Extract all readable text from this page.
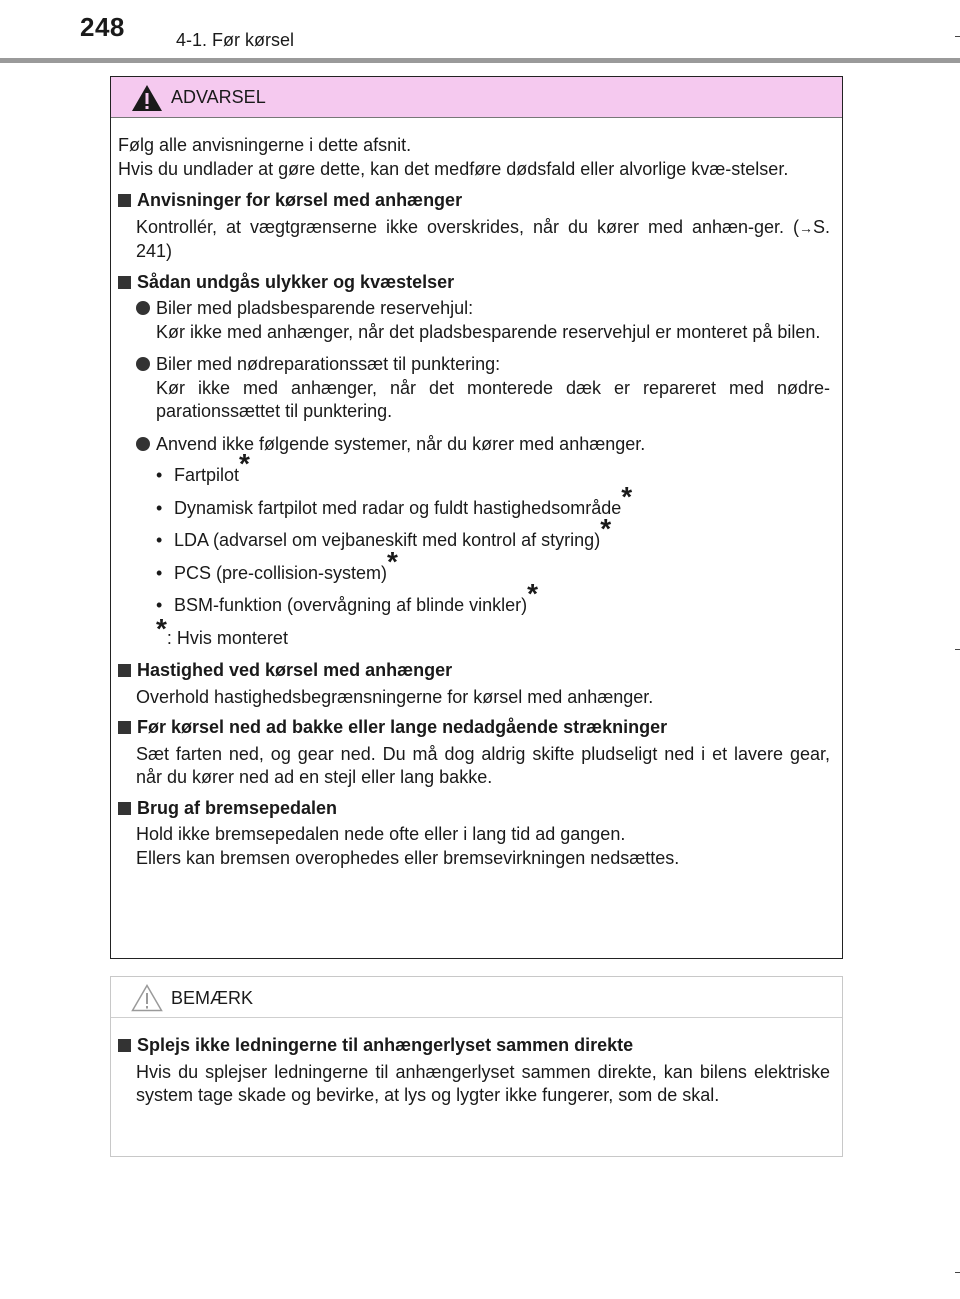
248	4-1. Før kørsel
ADVARSEL

Følg alle anvisningerne i dette afsnit.
Hvis du undlader at gøre dette, kan det medføre dødsfald eller alvorlige kvæ-stelser.

Anvisninger for kørsel med anhænger
Kontrollér, at vægtgrænserne ikke overskrides, når du kører med anhæn-ger. (→S. 241)
Sådan undgås ulykker og kvæstelser
Biler med pladsbesparende reservehjul:
Kør ikke med anhænger, når det pladsbesparende reservehjul er monteret på bilen.
Biler med nødreparationssæt til punktering:
Kør ikke med anhænger, når det monterede dæk er repareret med nødre-parationssættet til punktering.
Anvend ikke følgende systemer, når du kører med anhænger.
• Fartpilot*
• Dynamisk fartpilot med radar og fuldt hastighedsområde*
• LDA (advarsel om vejbaneskift med kontrol af styring)*
• PCS (pre-collision-system)*
• BSM-funktion (overvågning af blinde vinkler)*
*: Hvis monteret
Hastighed ved kørsel med anhænger
Overhold hastighedsbegrænsningerne for kørsel med anhænger.
Før kørsel ned ad bakke eller lange nedadgående strækninger
Sæt farten ned, og gear ned. Du må dog aldrig skifte pludseligt ned i et lavere gear, når du kører ned ad en stejl eller lang bakke.
Brug af bremsepedalen
Hold ikke bremsepedalen nede ofte eller i lang tid ad gangen.
Ellers kan bremsen overophedes eller bremsevirkningen nedsættes.
BEMÆRK
Splejs ikke ledningerne til anhængerlyset sammen direkte
Hvis du splejser ledningerne til anhængerlyset sammen direkte, kan bilens elektriske system tage skade og bevirke, at lys og lygter ikke fungerer, som de skal.
